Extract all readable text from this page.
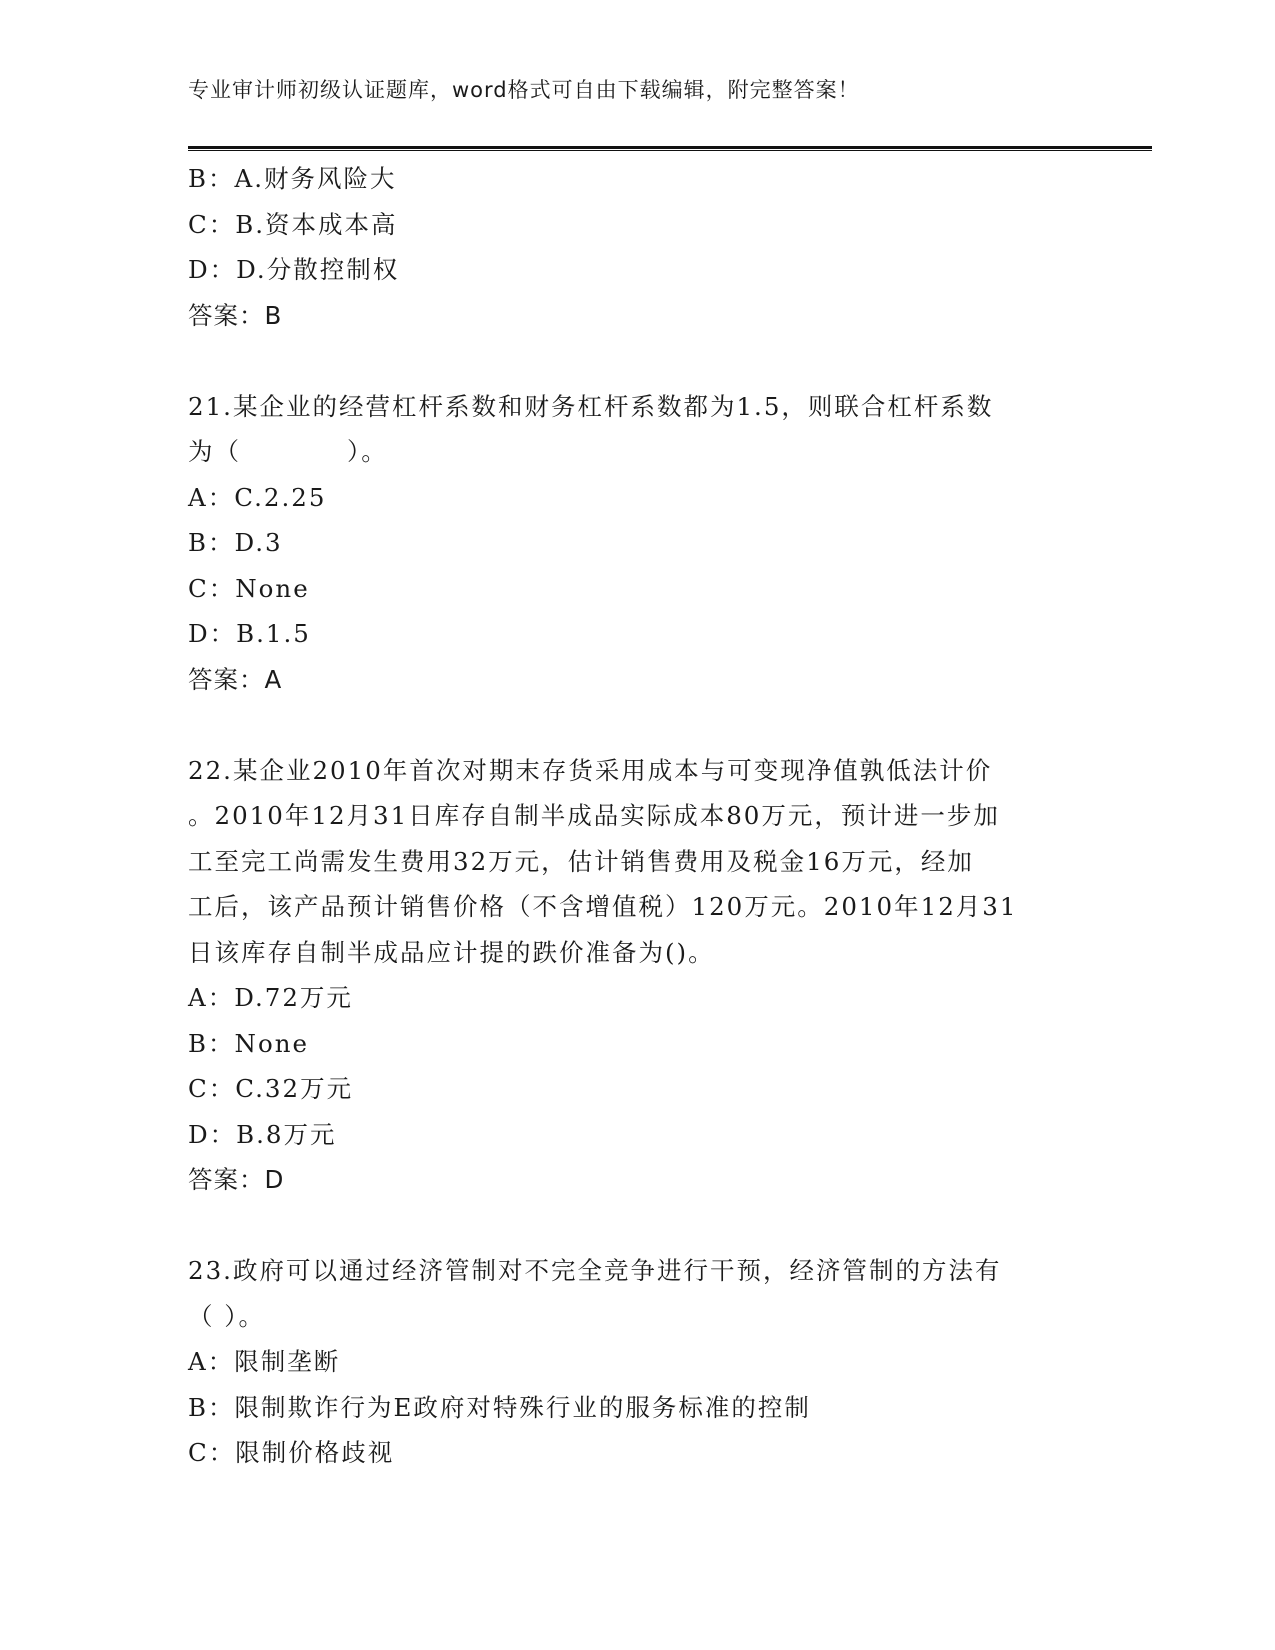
专业审计师初级认证题库，word格式可自由下载编辑，附完整答案！
B：A.财务风险大
C：B.资本成本高
D：D.分散控制权
答案：B
21.某企业的经营杠杆系数和财务杠杆系数都为1.5，则联合杠杆系数
为（　　　　）。
A：C.2.25
B：D.3
C：None
D：B.1.5
答案：A
22.某企业2010年首次对期末存货采用成本与可变现净值孰低法计价
。2010年12月31日库存自制半成品实际成本80万元，预计进一步加
工至完工尚需发生费用32万元，估计销售费用及税金16万元，经加
工后，该产品预计销售价格（不含增值税）120万元。2010年12月31
日该库存自制半成品应计提的跌价准备为()。
A：D.72万元
B：None
C：C.32万元
D：B.8万元
答案：D
23.政府可以通过经济管制对不完全竞争进行干预，经济管制的方法有
（ ）。
A：限制垄断
B：限制欺诈行为E政府对特殊行业的服务标准的控制
C：限制价格歧视
